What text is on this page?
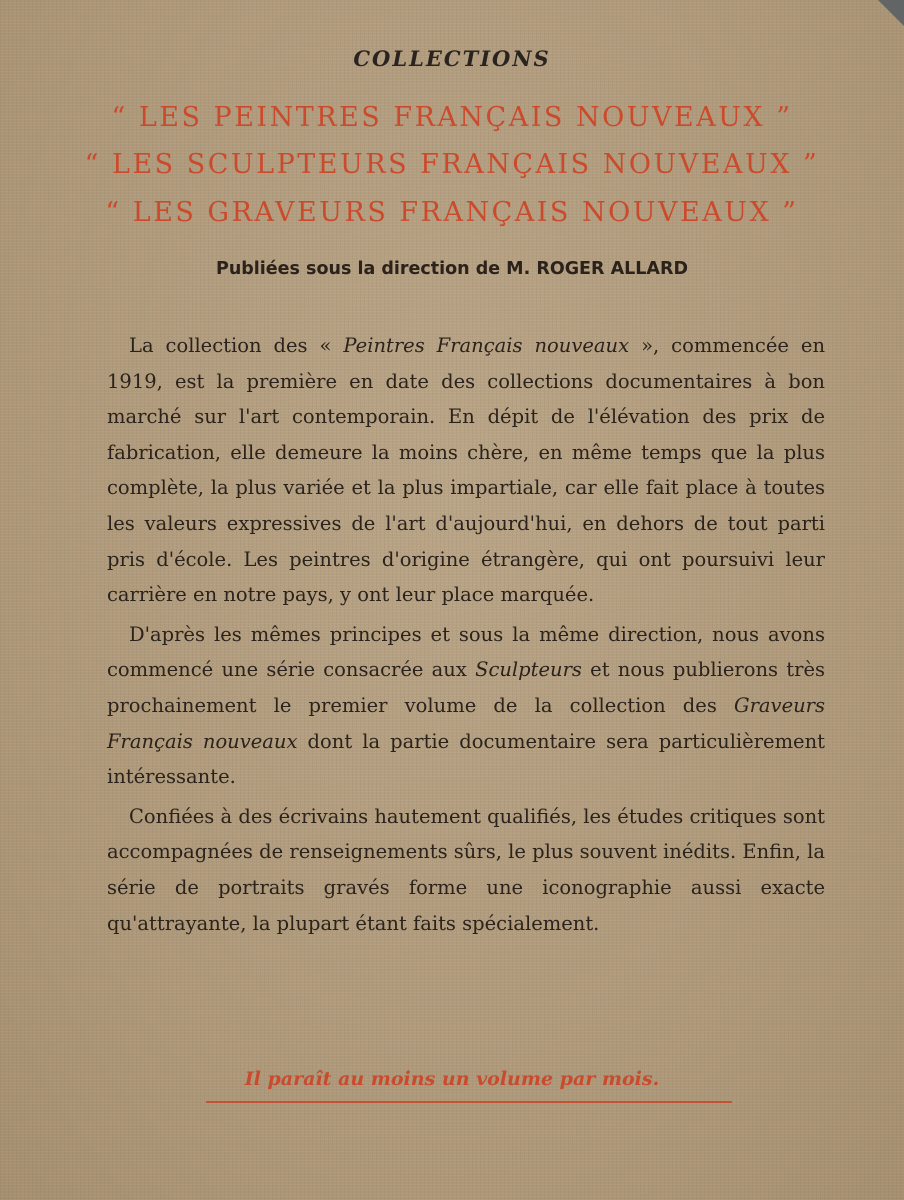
COLLECTIONS
“ LES PEINTRES FRANÇAIS NOUVEAUX ”
“ LES SCULPTEURS FRANÇAIS NOUVEAUX ”
“ LES GRAVEURS FRANÇAIS NOUVEAUX ”
Publiées sous la direction de M. ROGER ALLARD

La collection des « Peintres Français nouveaux », commencée en 1919, est la première en date des collections documentaires à bon marché sur l'art contemporain. En dépit de l'élévation des prix de fabrication, elle demeure la moins chère, en même temps que la plus complète, la plus variée et la plus impartiale, car elle fait place à toutes les valeurs expressives de l'art d'aujourd'hui, en dehors de tout parti pris d'école. Les peintres d'origine étrangère, qui ont poursuivi leur carrière en notre pays, y ont leur place marquée.

D'après les mêmes principes et sous la même direction, nous avons commencé une série consacrée aux Sculpteurs et nous publierons très prochainement le premier volume de la collection des Graveurs Français nouveaux dont la partie documentaire sera particulièrement intéressante.

Confiées à des écrivains hautement qualifiés, les études critiques sont accompagnées de renseignements sûrs, le plus souvent inédits. Enfin, la série de portraits gravés forme une iconographie aussi exacte qu'attrayante, la plupart étant faits spécialement.

Il paraît au moins un volume par mois.
